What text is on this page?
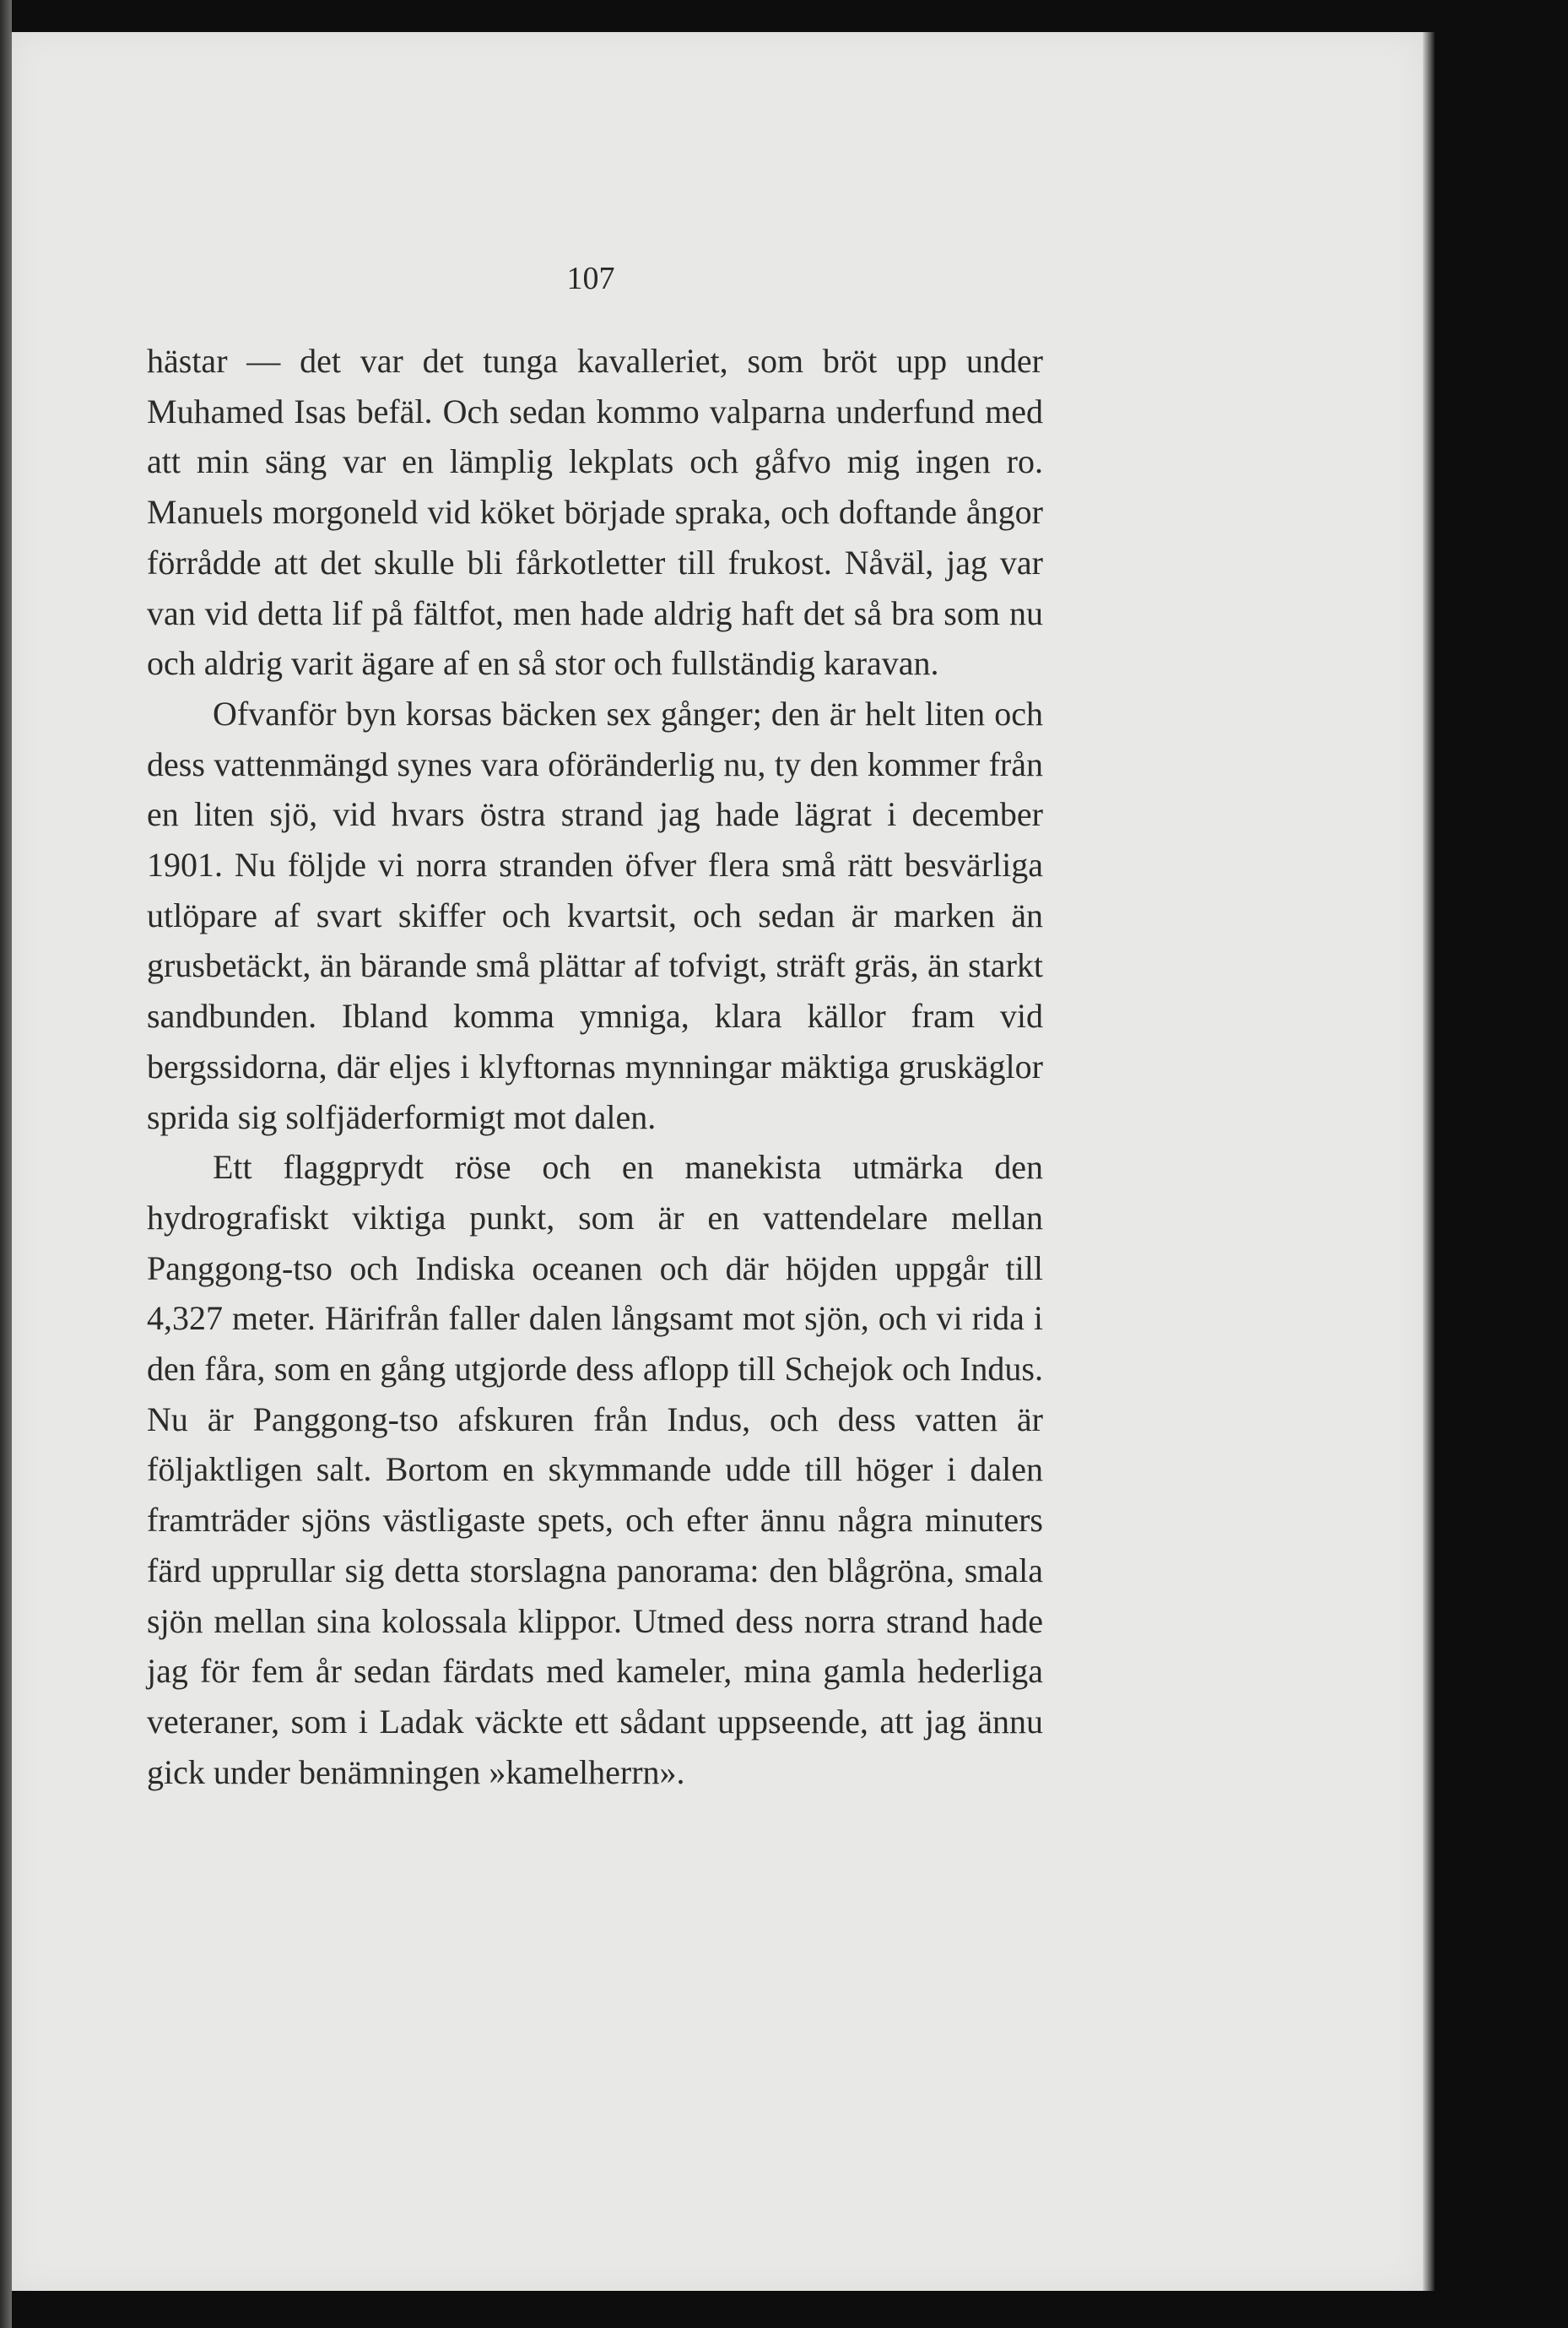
107

hästar — det var det tunga kavalleriet, som bröt upp under Muhamed Isas befäl. Och sedan kommo valparna underfund med att min säng var en lämplig lekplats och gåfvo mig ingen ro. Manuels morgoneld vid köket började spraka, och doftande ångor förrådde att det skulle bli fårkotletter till frukost. Nåväl, jag var van vid detta lif på fältfot, men hade aldrig haft det så bra som nu och aldrig varit ägare af en så stor och fullständig karavan.

Ofvanför byn korsas bäcken sex gånger; den är helt liten och dess vattenmängd synes vara oföränderlig nu, ty den kommer från en liten sjö, vid hvars östra strand jag hade lägrat i december 1901. Nu följde vi norra stranden öfver flera små rätt besvärliga utlöpare af svart skiffer och kvartsit, och sedan är marken än grusbetäckt, än bärande små plättar af tofvigt, sträft gräs, än starkt sandbunden. Ibland komma ymniga, klara källor fram vid bergssidorna, där eljes i klyftornas mynningar mäktiga gruskäglor sprida sig solfjäderformigt mot dalen.

Ett flaggprydt röse och en manekista utmärka den hydrografiskt viktiga punkt, som är en vattendelare mellan Panggong-tso och Indiska oceanen och där höjden uppgår till 4,327 meter. Härifrån faller dalen långsamt mot sjön, och vi rida i den fåra, som en gång utgjorde dess aflopp till Schejok och Indus. Nu är Panggong-tso afskuren från Indus, och dess vatten är följaktligen salt. Bortom en skymmande udde till höger i dalen framträder sjöns västligaste spets, och efter ännu några minuters färd upprullar sig detta storslagna panorama: den blågröna, smala sjön mellan sina kolossala klippor. Utmed dess norra strand hade jag för fem år sedan färdats med kameler, mina gamla hederliga veteraner, som i Ladak väckte ett sådant uppseende, att jag ännu gick under benämningen »kamelherrn».
